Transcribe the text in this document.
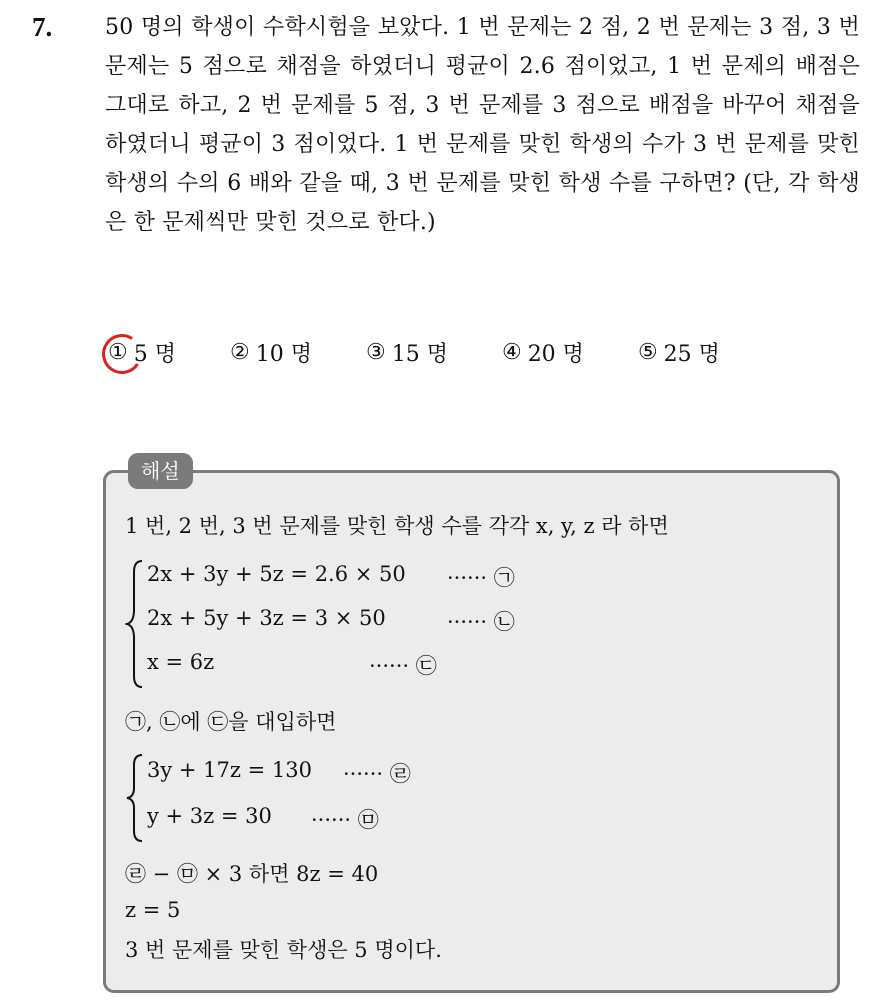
7. 50 명의 학생이 수학시험을 보았다. 1 번 문제는 2 점, 2 번 문제는 3 점, 3 번 문제는 5 점으로 채점을 하였더니 평균이 2.6 점이었고, 1 번 문제의 배점은 그대로 하고, 2 번 문제를 5 점, 3 번 문제를 3 점으로 배점을 바꾸어 채점을 하였더니 평균이 3 점이었다. 1 번 문제를 맞힌 학생의 수가 3 번 문제를 맞힌 학생의 수의 6 배와 같을 때, 3 번 문제를 맞힌 학생 수를 구하면? (단, 각 학생은 한 문제씩만 맞힌 것으로 한다.)
① 5 명 ② 10 명 ③ 15 명 ④ 20 명 ⑤ 25 명
해설
1 번, 2 번, 3 번 문제를 맞힌 학생 수를 각각 x, y, z 라 하면
2x + 3y + 5z = 2.6 × 50 ······ ㉠
2x + 5y + 3z = 3 × 50	······ ㉡
x = 6z	······ ㉢
㉠, ㉡에 ㉢을 대입하면
3y + 17z = 130 ······ ㉣
y + 3z = 30 ······ ㉤
㉣ − ㉤ × 3 하면 8z = 40
z = 5
3 번 문제를 맞힌 학생은 5 명이다.
